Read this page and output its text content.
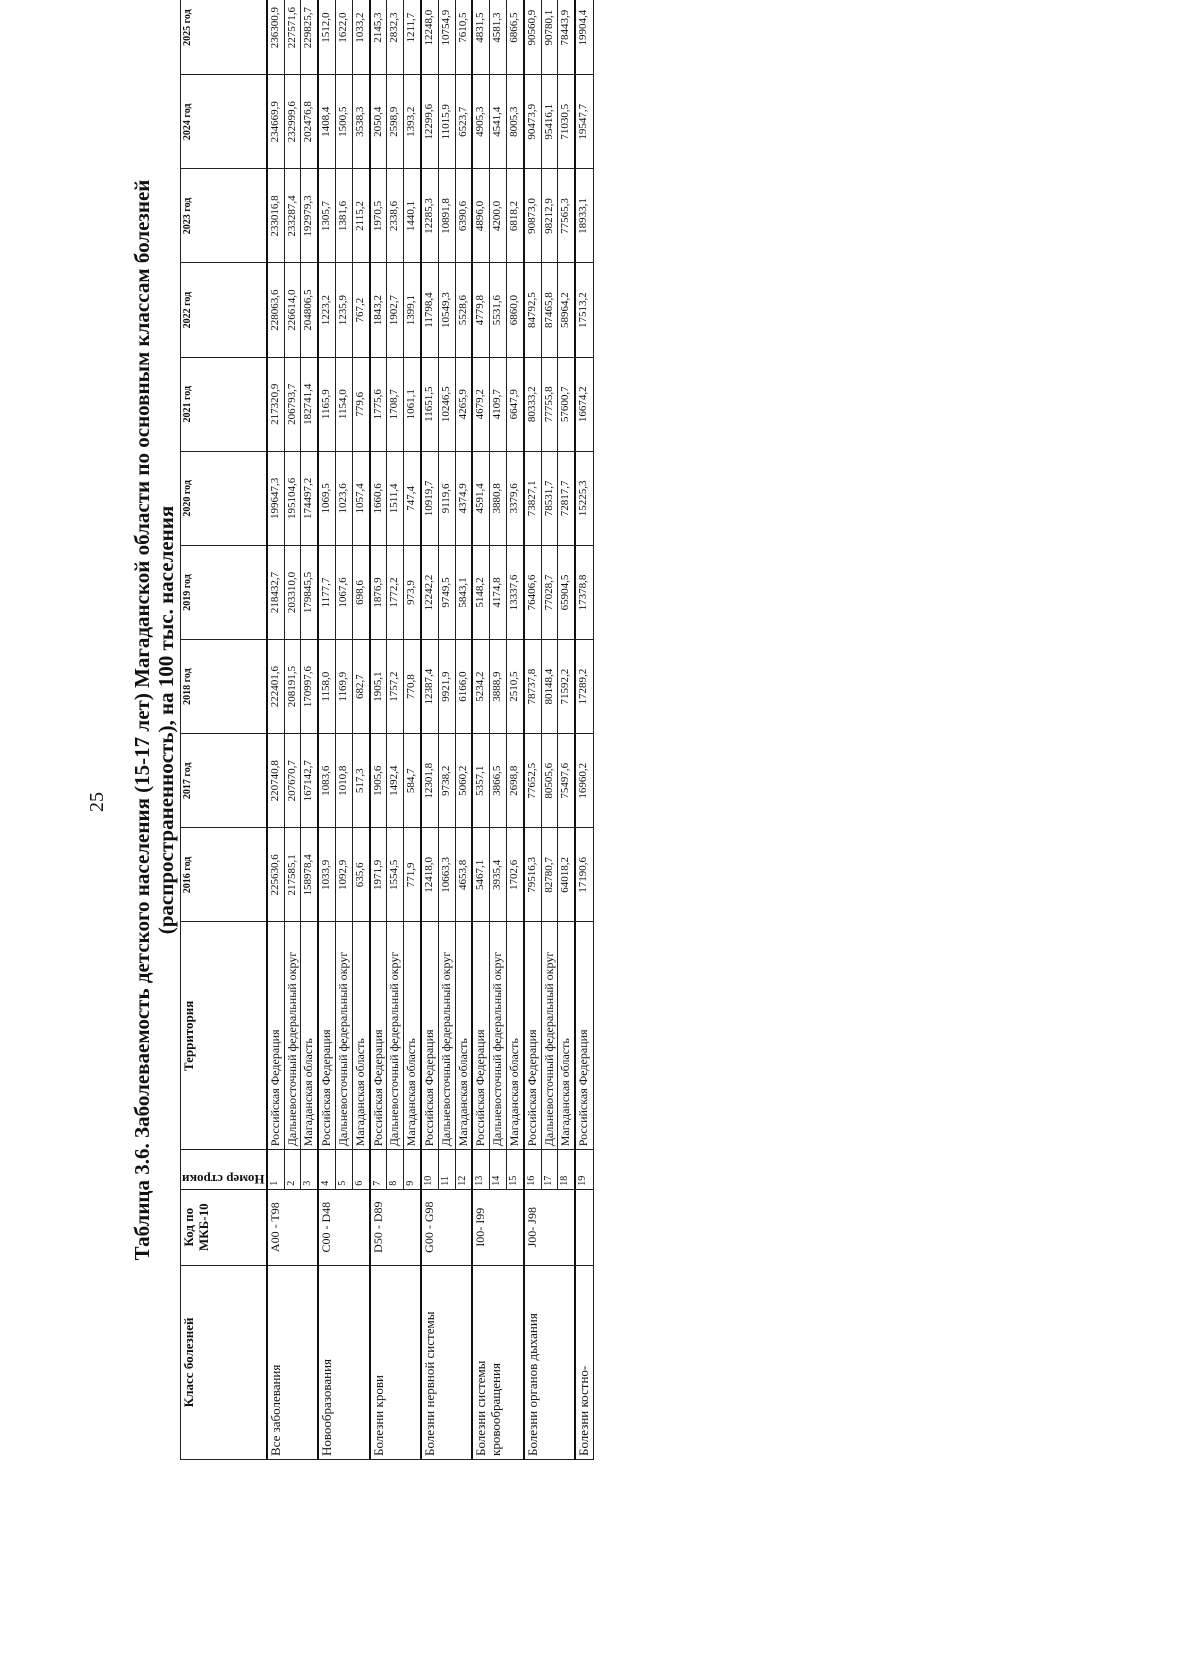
25 Таблица 3.6. Заболеваемость детского населения (15-17 лет) Магаданской области по основным классам болезней (распространенность), на 100 тыс. населения
Класс болезней	Код по МКБ-10	Номер строки	Территория	2016 год	2017 год	2018 год	2019 год	2020 год	2021 год	2022 год	2023 год	2024 год	2025 год
Все заболевания	A00 - T98	1	Российская Федерация	225630,6	220740,8	222401,6	218432,7	199647,3	217320,9	228063,6	233016,8	234669,9	236300,9
		2	Дальневосточный федеральный округ	217585,1	207670,7	208191,5	203310,0	195104,6	206793,7	226614,0	233287,4	232999,6	227571,6
		3	Магаданская область	158978,4	167142,7	170997,6	179845,5	174497,2	182741,4	204806,5	192979,3	202476,8	229825,7
Новообразования	C00 - D48	4	Российская Федерация	1033,9	1083,6	1158,0	1177,7	1069,5	1165,9	1223,2	1305,7	1408,4	1512,0
		5	Дальневосточный федеральный округ	1092,9	1010,8	1169,9	1067,6	1023,6	1154,0	1235,9	1381,6	1500,5	1622,0
		6	Магаданская область	635,6	517,3	682,7	698,6	1057,4	779,6	767,2	2115,2	3538,3	1033,2
Болезни крови	D50 - D89	7	Российская Федерация	1971,9	1905,6	1905,1	1876,9	1660,6	1775,6	1843,2	1970,5	2050,4	2145,3
		8	Дальневосточный федеральный округ	1554,5	1492,4	1757,2	1772,2	1511,4	1708,7	1902,7	2338,6	2598,9	2832,3
		9	Магаданская область	771,9	584,7	770,8	973,9	747,4	1061,1	1399,1	1440,1	1393,2	1211,7
Болезни нервной системы	G00 - G98	10	Российская Федерация	12418,0	12301,8	12387,4	12242,2	10919,7	11651,5	11798,4	12285,3	12299,6	12248,0
		11	Дальневосточный федеральный округ	10663,3	9738,2	9921,9	9749,5	9119,6	10246,5	10549,3	10891,8	11015,9	10754,9
		12	Магаданская область	4653,8	5060,2	6166,0	5843,1	4374,9	4265,9	5528,6	6390,6	6523,7	7610,5
Болезни системы кровообращения	I00- I99	13	Российская Федерация	5467,1	5357,1	5234,2	5148,2	4591,4	4679,2	4779,8	4896,0	4905,3	4831,5
		14	Дальневосточный федеральный округ	3935,4	3866,5	3888,9	4174,8	3880,8	4109,7	5531,6	4200,0	4541,4	4581,3
		15	Магаданская область	1702,6	2698,8	2510,5	13337,6	3379,6	6647,9	6860,0	6818,2	8005,3	6866,5
Болезни органов дыхания	J00- J98	16	Российская Федерация	79516,3	77652,5	78737,8	76406,6	73827,1	80333,2	84792,5	90873,0	90473,9	90560,9
		17	Дальневосточный федеральный округ	82780,7	80505,6	80148,4	77028,7	78531,7	77755,8	87465,8	98212,9	95416,1	90780,1
		18	Магаданская область	64018,2	75497,6	71592,2	65904,5	72817,7	57600,7	58964,2	77565,3	71030,5	78443,9
Болезни костно-		19	Российская Федерация	17190,6	16960,2	17289,2	17378,8	15225,3	16674,2	17513,2	18933,1	19547,7	19904,4
